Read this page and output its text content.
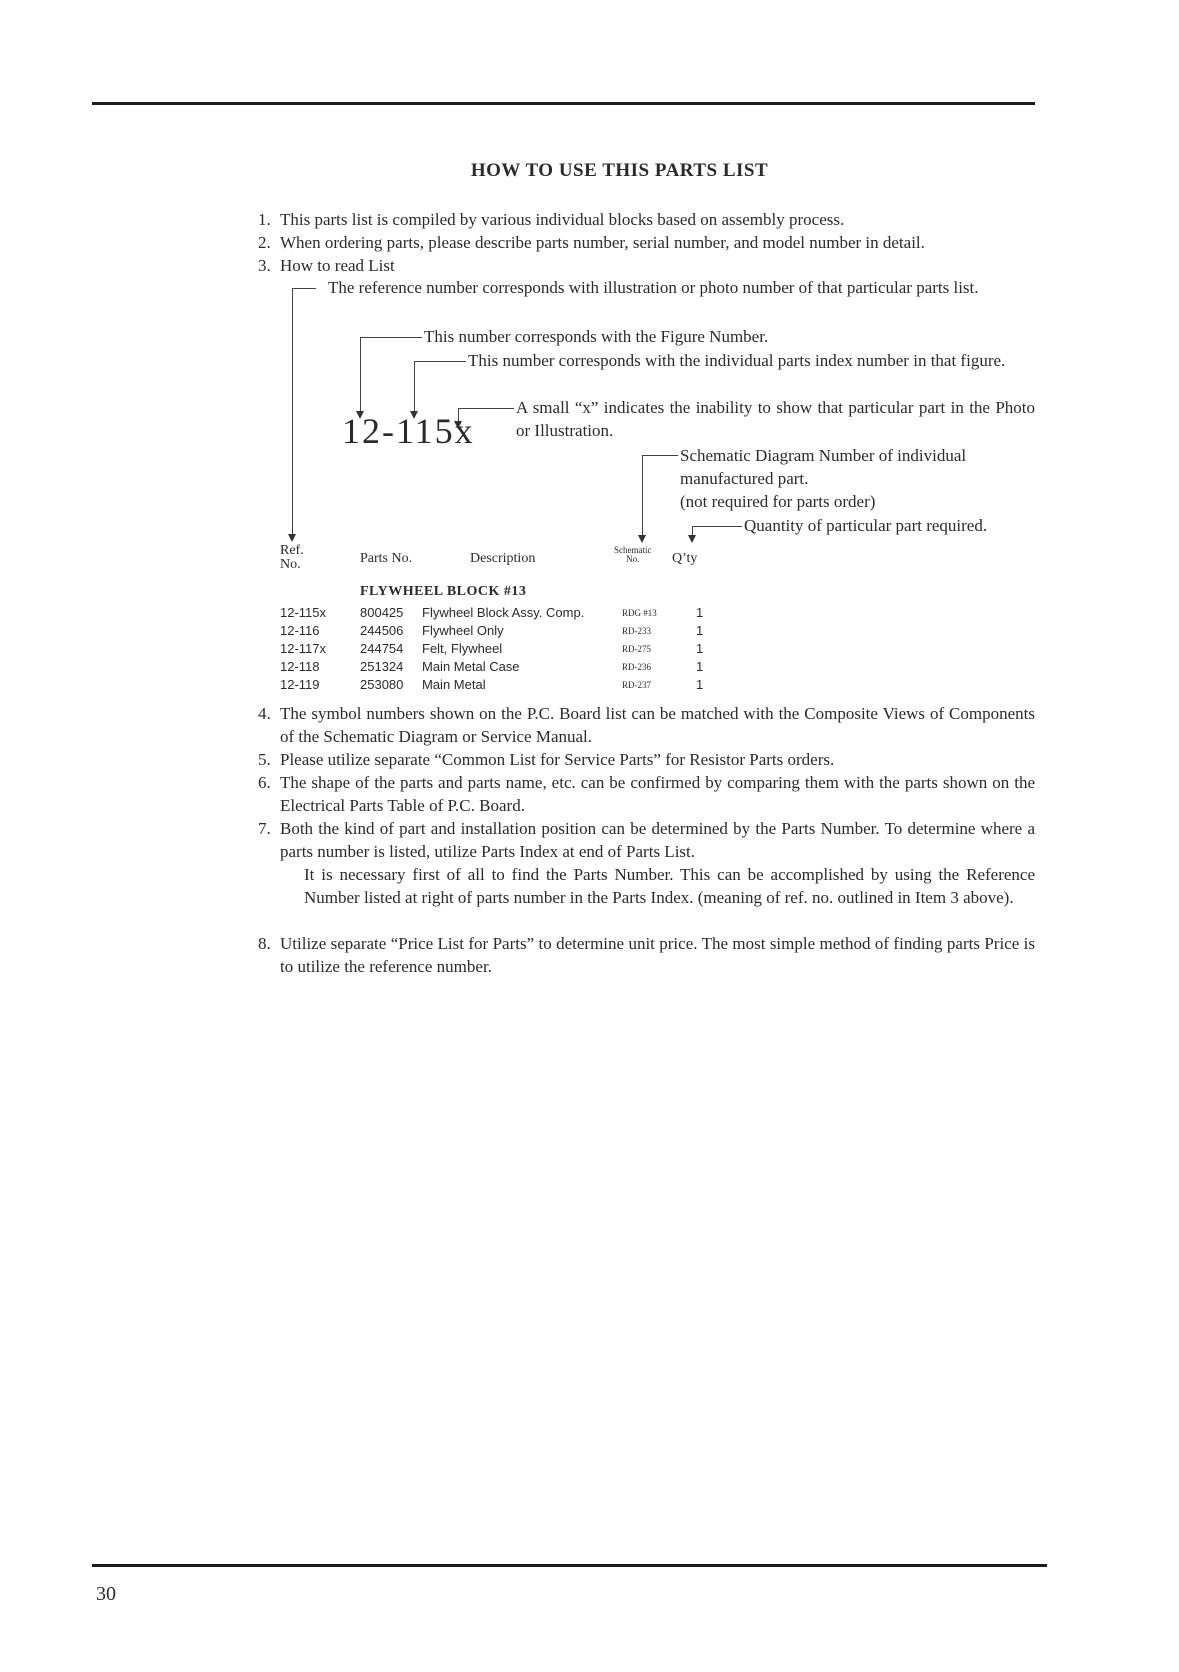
HOW TO USE THIS PARTS LIST
1. This parts list is compiled by various individual blocks based on assembly process.
2. When ordering parts, please describe parts number, serial number, and model number in detail.
3. How to read List
The reference number corresponds with illustration or photo number of that particular parts list.
This number corresponds with the Figure Number.
This number corresponds with the individual parts index number in that figure.
A small “x” indicates the inability to show that particular part in the Photo or Illustration.
12-115x
Schematic Diagram Number of individual
manufactured part.
(not required for parts order)
Quantity of particular part required.
Ref.
No.	Parts No.	Description
Schematic
No.	Q’ty
FLYWHEEL BLOCK #13
12-115x	800425 Flywheel Block Assy. Comp.	RDG #13	1
12-116	244506 Flywheel Only	RD-233	1
12-117x	244754 Felt, Flywheel	RD-275	1
12-118	251324 Main Metal Case	RD-236	1
12-119	253080 Main Metal	RD-237	1
4. The symbol numbers shown on the P.C. Board list can be matched with the Composite Views of Components of the Schematic Diagram or Service Manual.
5. Please utilize separate “Common List for Service Parts” for Resistor Parts orders.
6. The shape of the parts and parts name, etc. can be confirmed by comparing them with the parts shown on the Electrical Parts Table of P.C. Board.
7. Both the kind of part and installation position can be determined by the Parts Number. To determine where a parts number is listed, utilize Parts Index at end of Parts List.
It is necessary first of all to find the Parts Number. This can be accomplished by using the Reference Number listed at right of parts number in the Parts Index. (meaning of ref. no. outlined in Item 3 above).
8. Utilize separate “Price List for Parts” to determine unit price. The most simple method of finding parts Price is to utilize the reference number.
30
